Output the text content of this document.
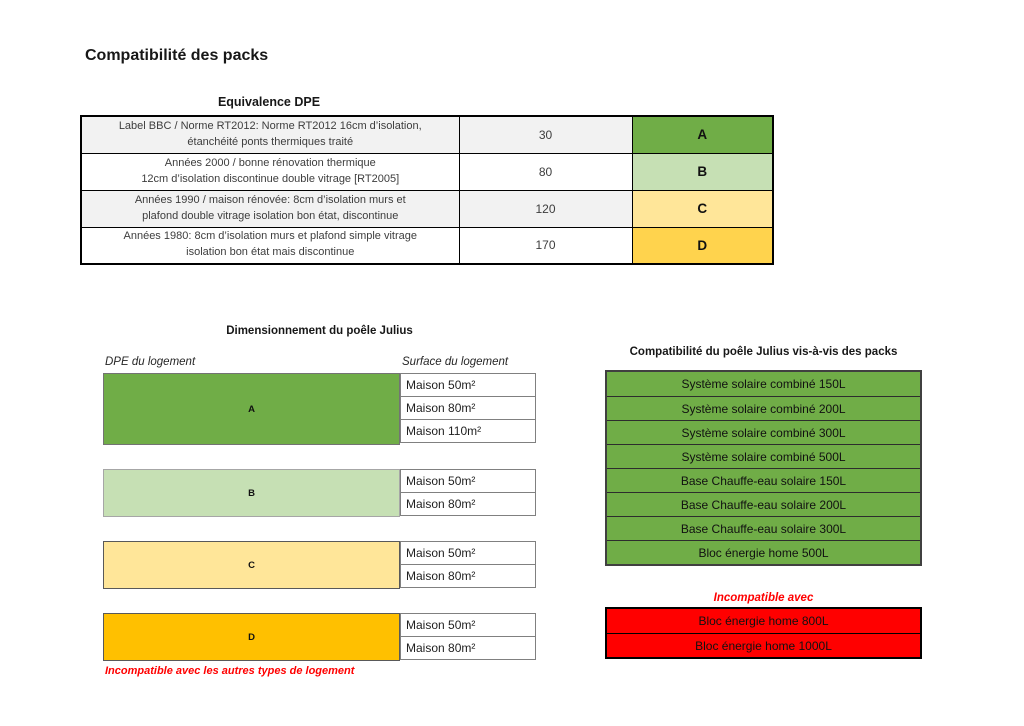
Compatibilité des packs
Equivalence DPE
Label BBC / Norme RT2012: Norme RT2012 16cm d’isolation,
étanchéité ponts thermiques traité	30	A
Années 2000 / bonne rénovation thermique
12cm d’isolation discontinue double vitrage [RT2005]	80	B
Années 1990 / maison rénovée: 8cm d’isolation murs et
plafond double vitrage isolation bon état, discontinue	120	C
Années 1980: 8cm d’isolation murs et plafond simple vitrage
isolation bon état mais discontinue	170	D
Dimensionnement du poêle Julius
DPE du logement	Surface du logement
A
Maison 50m²
Maison 80m²
Maison 110m²
B
Maison 50m²
Maison 80m²
C
Maison 50m²
Maison 80m²
D
Maison 50m²
Maison 80m²
Incompatible avec les autres types de logement
Compatibilité du poêle Julius vis-à-vis des packs
Système solaire combiné 150L
Système solaire combiné 200L
Système solaire combiné 300L
Système solaire combiné 500L
Base Chauffe-eau solaire 150L
Base Chauffe-eau solaire 200L
Base Chauffe-eau solaire 300L
Bloc énergie home 500L
Incompatible avec
Bloc énergie home 800L
Bloc énergie home 1000L
